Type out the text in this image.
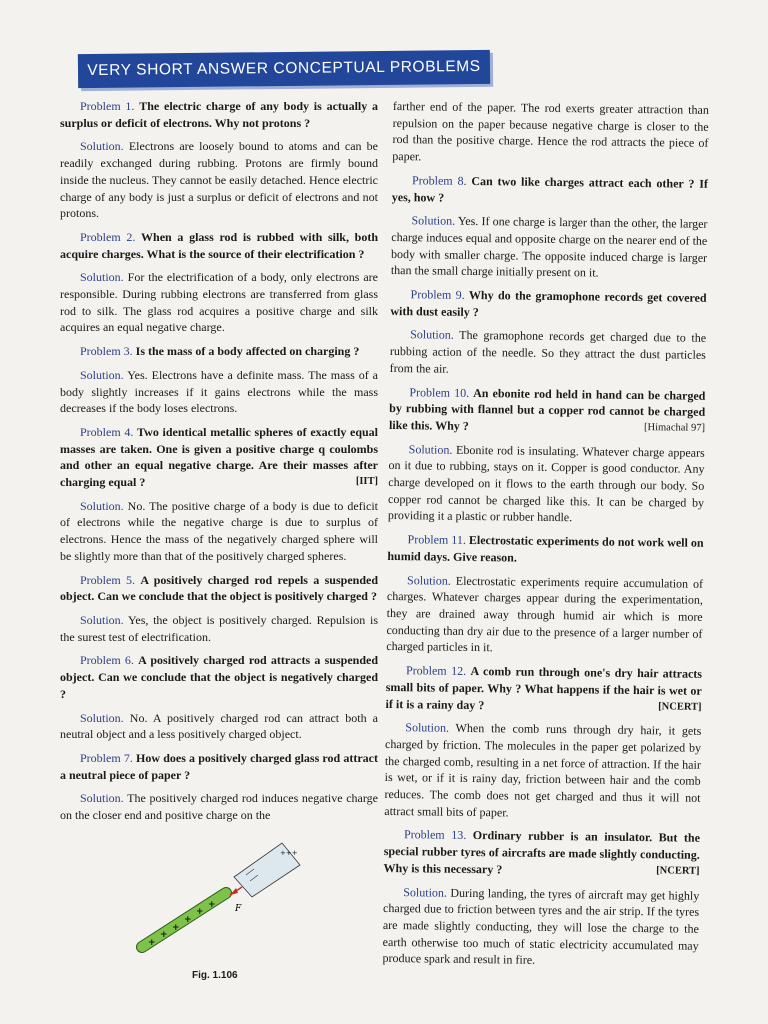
VERY SHORT ANSWER CONCEPTUAL PROBLEMS

Problem 1. The electric charge of any body is actually a surplus or deficit of electrons. Why not protons ?

Solution. Electrons are loosely bound to atoms and can be readily exchanged during rubbing. Protons are firmly bound inside the nucleus. They cannot be easily detached. Hence electric charge of any body is just a surplus or deficit of electrons and not protons.

Problem 2. When a glass rod is rubbed with silk, both acquire charges. What is the source of their electrification ?

Solution. For the electrification of a body, only electrons are responsible. During rubbing electrons are transferred from glass rod to silk. The glass rod acquires a positive charge and silk acquires an equal negative charge.

Problem 3. Is the mass of a body affected on charging ?

Solution. Yes. Electrons have a definite mass. The mass of a body slightly increases if it gains electrons while the mass decreases if the body loses electrons.

Problem 4. Two identical metallic spheres of exactly equal masses are taken. One is given a positive charge q coulombs and other an equal negative charge. Are their masses after charging equal ?	[IIT]

Solution. No. The positive charge of a body is due to deficit of electrons while the negative charge is due to surplus of electrons. Hence the mass of the negatively charged sphere will be slightly more than that of the positively charged spheres.

Problem 5. A positively charged rod repels a suspended object. Can we conclude that the object is positively charged ?

Solution. Yes, the object is positively charged. Repulsion is the surest test of electrification.

Problem 6. A positively charged rod attracts a suspended object. Can we conclude that the object is negatively charged ?

Solution. No. A positively charged rod can attract both a neutral object and a less positively charged object.

Problem 7. How does a positively charged glass rod attract a neutral piece of paper ?

Solution. The positively charged rod induces negative charge on the closer end and positive charge on the

+
+
+
+
+
+ F
+++
Fig. 1.106

farther end of the paper. The rod exerts greater attraction than repulsion on the paper because negative charge is closer to the rod than the positive charge. Hence the rod attracts the piece of paper.

Problem 8. Can two like charges attract each other ? If yes, how ?

Solution. Yes. If one charge is larger than the other, the larger charge induces equal and opposite charge on the nearer end of the body with smaller charge. The opposite induced charge is larger than the small charge initially present on it.

Problem 9. Why do the gramophone records get covered with dust easily ?

Solution. The gramophone records get charged due to the rubbing action of the needle. So they attract the dust particles from the air.

Problem 10. An ebonite rod held in hand can be charged by rubbing with flannel but a copper rod cannot be charged like this. Why ?	[Himachal 97]

Solution. Ebonite rod is insulating. Whatever charge appears on it due to rubbing, stays on it. Copper is good conductor. Any charge developed on it flows to the earth through our body. So copper rod cannot be charged like this. It can be charged by providing it a plastic or rubber handle.

Problem 11. Electrostatic experiments do not work well on humid days. Give reason.

Solution. Electrostatic experiments require accumulation of charges. Whatever charges appear during the experimentation, they are drained away through humid air which is more conducting than dry air due to the presence of a larger number of charged particles in it.

Problem 12. A comb run through one's dry hair attracts small bits of paper. Why ? What happens if the hair is wet or if it is a rainy day ?	[NCERT]

Solution. When the comb runs through dry hair, it gets charged by friction. The molecules in the paper get polarized by the charged comb, resulting in a net force of attraction. If the hair is wet, or if it is rainy day, friction between hair and the comb reduces. The comb does not get charged and thus it will not attract small bits of paper.

Problem 13. Ordinary rubber is an insulator. But the special rubber tyres of aircrafts are made slightly conducting. Why is this necessary ?	[NCERT]

Solution. During landing, the tyres of aircraft may get highly charged due to friction between tyres and the air strip. If the tyres are made slightly conducting, they will lose the charge to the earth otherwise too much of static electricity accumulated may produce spark and result in fire.
